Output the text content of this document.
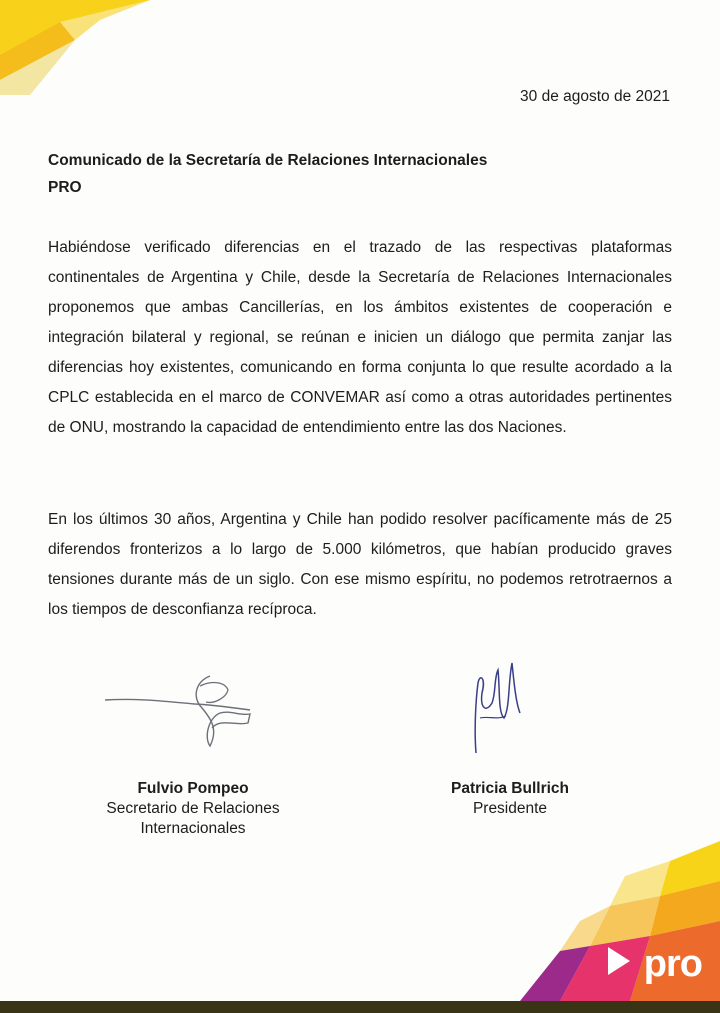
30 de agosto de 2021
Comunicado de la Secretaría de Relaciones Internacionales
PRO

Habiéndose verificado diferencias en el trazado de las respectivas plataformas continentales de Argentina y Chile, desde la Secretaría de Relaciones Internacionales proponemos que ambas Cancillerías, en los ámbitos existentes de cooperación e integración bilateral y regional, se reúnan e inicien un diálogo que permita zanjar las diferencias hoy existentes, comunicando en forma conjunta lo que resulte acordado a la CPLC establecida en el marco de CONVEMAR así como a otras autoridades pertinentes de ONU, mostrando la capacidad de entendimiento entre las dos Naciones.

En los últimos 30 años, Argentina y Chile han podido resolver pacíficamente más de 25 diferendos fronterizos a lo largo de 5.000 kilómetros, que habían producido graves tensiones durante más de un siglo. Con ese mismo espíritu, no podemos retrotraernos a los tiempos de desconfianza recíproca.

Fulvio Pompeo
Secretario de Relaciones
Internacionales
Patricia Bullrich
Presidente
pro
